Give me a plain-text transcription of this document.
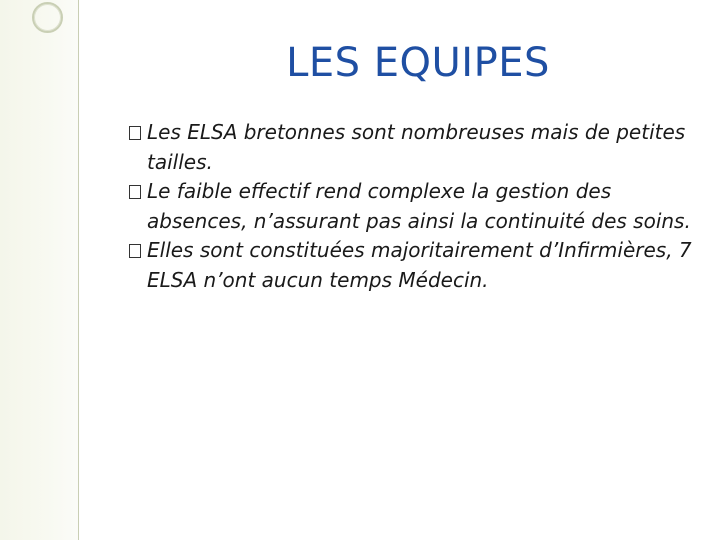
LES EQUIPES
Les ELSA bretonnes sont nombreuses mais de petites tailles.
Le faible effectif rend complexe la gestion des absences, n’assurant pas ainsi la continuité des soins.
Elles sont constituées majoritairement d’Infirmières, 7 ELSA n’ont aucun temps Médecin.
